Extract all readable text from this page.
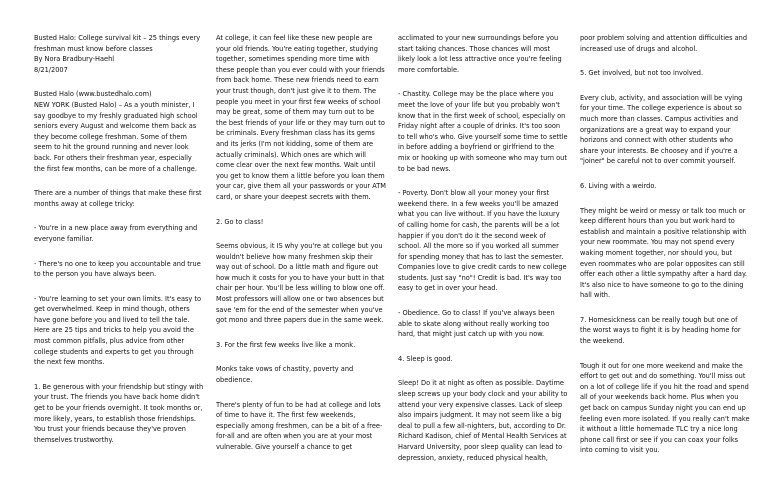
Busted Halo: College survival kit – 25 things every freshman must know before classes
By Nora Bradbury-Haehl
8/21/2007

Busted Halo (www.bustedhalo.com)
NEW YORK (Busted Halo) – As a youth minister, I say goodbye to my freshly graduated high school seniors every August and welcome them back as they become college freshman. Some of them seem to hit the ground running and never look back. For others their freshman year, especially the first few months, can be more of a challenge.

There are a number of things that make these first months away at college tricky:

- You're in a new place away from everything and everyone familiar.

- There's no one to keep you accountable and true to the person you have always been.

- You're learning to set your own limits. It's easy to get overwhelmed. Keep in mind though, others have gone before you and lived to tell the tale. Here are 25 tips and tricks to help you avoid the most common pitfalls, plus advice from other college students and experts to get you through the next few months.

1. Be generous with your friendship but stingy with your trust. The friends you have back home didn't get to be your friends overnight. It took months or, more likely, years, to establish those friendships. You trust your friends because they've proven themselves trustworthy.

At college, it can feel like these new people are your old friends. You're eating together, studying together, sometimes spending more time with these people than you ever could with your friends from back home. These new friends need to earn your trust though, don't just give it to them. The people you meet in your first few weeks of school may be great, some of them may turn out to be the best friends of your life or they may turn out to be criminals. Every freshman class has its gems and its jerks (I'm not kidding, some of them are actually criminals). Which ones are which will come clear over the next few months. Wait until you get to know them a little before you loan them your car, give them all your passwords or your ATM card, or share your deepest secrets with them.

2. Go to class!

Seems obvious, it IS why you're at college but you wouldn't believe how many freshmen skip their way out of school. Do a little math and figure out how much it costs for you to have your butt in that chair per hour. You'll be less willing to blow one off. Most professors will allow one or two absences but save 'em for the end of the semester when you've got mono and three papers due in the same week.

3. For the first few weeks live like a monk.

Monks take vows of chastity, poverty and obedience.

There's plenty of fun to be had at college and lots of time to have it. The first few weekends, especially among freshmen, can be a bit of a free-for-all and are often when you are at your most vulnerable. Give yourself a chance to get

acclimated to your new surroundings before you start taking chances. Those chances will most likely look a lot less attractive once you're feeling more comfortable.

- Chastity. College may be the place where you meet the love of your life but you probably won't know that in the first week of school, especially on Friday night after a couple of drinks. It's too soon to tell who's who. Give yourself some time to settle in before adding a boyfriend or girlfriend to the mix or hooking up with someone who may turn out to be bad news.

- Poverty. Don't blow all your money your first weekend there. In a few weeks you'll be amazed what you can live without. If you have the luxury of calling home for cash, the parents will be a lot happier if you don't do it the second week of school. All the more so if you worked all summer for spending money that has to last the semester. Companies love to give credit cards to new college students. Just say "no"! Credit is bad. It's way too easy to get in over your head.

- Obedience. Go to class! If you've always been able to skate along without really working too hard, that might just catch up with you now.

4. Sleep is good.

Sleep! Do it at night as often as possible. Daytime sleep screws up your body clock and your ability to attend your very expensive classes. Lack of sleep also impairs judgment. It may not seem like a big deal to pull a few all-nighters, but, according to Dr. Richard Kadison, chief of Mental Health Services at Harvard University, poor sleep quality can lead to depression, anxiety, reduced physical health,

poor problem solving and attention difficulties and increased use of drugs and alcohol.

5. Get involved, but not too involved.

Every club, activity, and association will be vying for your time. The college experience is about so much more than classes. Campus activities and organizations are a great way to expand your horizons and connect with other students who share your interests. Be choosey and if you're a "joiner" be careful not to over commit yourself.

6. Living with a weirdo.

They might be weird or messy or talk too much or keep different hours than you but work hard to establish and maintain a positive relationship with your new roommate. You may not spend every waking moment together, nor should you, but even roommates who are polar opposites can still offer each other a little sympathy after a hard day. It's also nice to have someone to go to the dining hall with.

7. Homesickness can be really tough but one of the worst ways to fight it is by heading home for the weekend.

Tough it out for one more weekend and make the effort to get out and do something. You'll miss out on a lot of college life if you hit the road and spend all of your weekends back home. Plus when you get back on campus Sunday night you can end up feeling even more isolated. If you really can't make it without a little homemade TLC try a nice long phone call first or see if you can coax your folks into coming to visit you.
